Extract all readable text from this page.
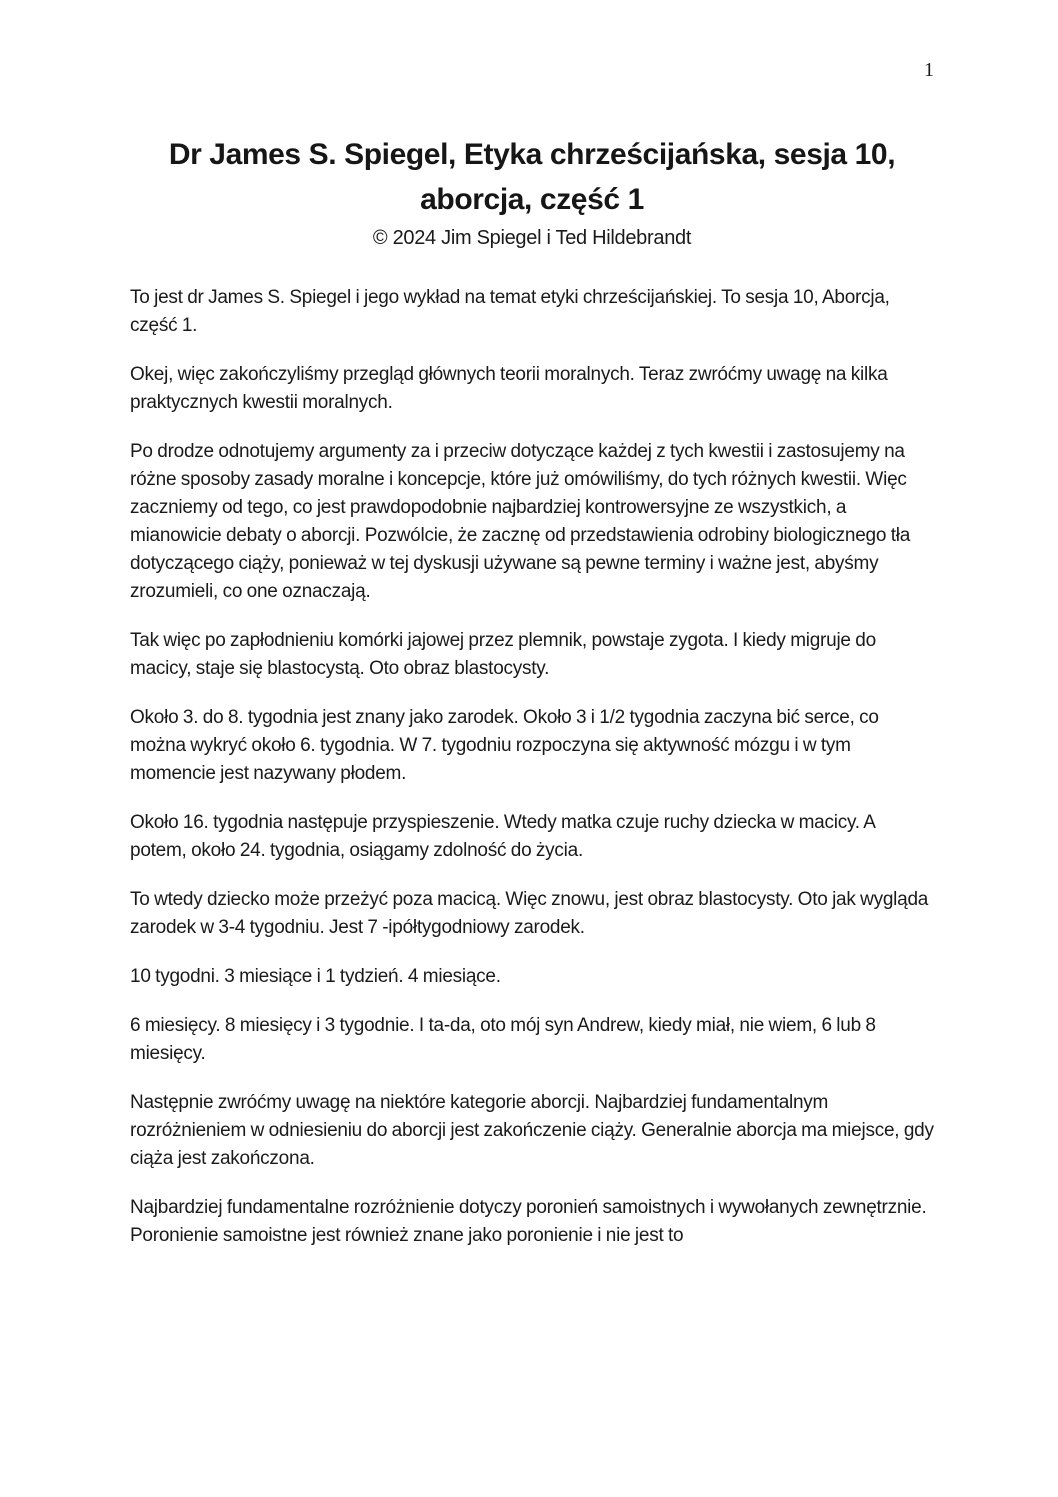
1
Dr James S. Spiegel, Etyka chrześcijańska, sesja 10, aborcja, część 1
© 2024 Jim Spiegel i Ted Hildebrandt

To jest dr James S. Spiegel i jego wykład na temat etyki chrześcijańskiej. To sesja 10, Aborcja, część 1.

Okej, więc zakończyliśmy przegląd głównych teorii moralnych. Teraz zwróćmy uwagę na kilka praktycznych kwestii moralnych.

Po drodze odnotujemy argumenty za i przeciw dotyczące każdej z tych kwestii i zastosujemy na różne sposoby zasady moralne i koncepcje, które już omówiliśmy, do tych różnych kwestii. Więc zaczniemy od tego, co jest prawdopodobnie najbardziej kontrowersyjne ze wszystkich, a mianowicie debaty o aborcji. Pozwólcie, że zacznę od przedstawienia odrobiny biologicznego tła dotyczącego ciąży, ponieważ w tej dyskusji używane są pewne terminy i ważne jest, abyśmy zrozumieli, co one oznaczają.

Tak więc po zapłodnieniu komórki jajowej przez plemnik, powstaje zygota. I kiedy migruje do macicy, staje się blastocystą. Oto obraz blastocysty.

Około 3. do 8. tygodnia jest znany jako zarodek. Około 3 i 1/2 tygodnia zaczyna bić serce, co można wykryć około 6. tygodnia. W 7. tygodniu rozpoczyna się aktywność mózgu i w tym momencie jest nazywany płodem.

Około 16. tygodnia następuje przyspieszenie. Wtedy matka czuje ruchy dziecka w macicy. A potem, około 24. tygodnia, osiągamy zdolność do życia.

To wtedy dziecko może przeżyć poza macicą. Więc znowu, jest obraz blastocysty. Oto jak wygląda zarodek w 3-4 tygodniu. Jest 7 -ipółtygodniowy zarodek.

10 tygodni. 3 miesiące i 1 tydzień. 4 miesiące.

6 miesięcy. 8 miesięcy i 3 tygodnie. I ta-da, oto mój syn Andrew, kiedy miał, nie wiem, 6 lub 8 miesięcy.

Następnie zwróćmy uwagę na niektóre kategorie aborcji. Najbardziej fundamentalnym rozróżnieniem w odniesieniu do aborcji jest zakończenie ciąży. Generalnie aborcja ma miejsce, gdy ciąża jest zakończona.

Najbardziej fundamentalne rozróżnienie dotyczy poronień samoistnych i wywołanych zewnętrznie. Poronienie samoistne jest również znane jako poronienie i nie jest to
